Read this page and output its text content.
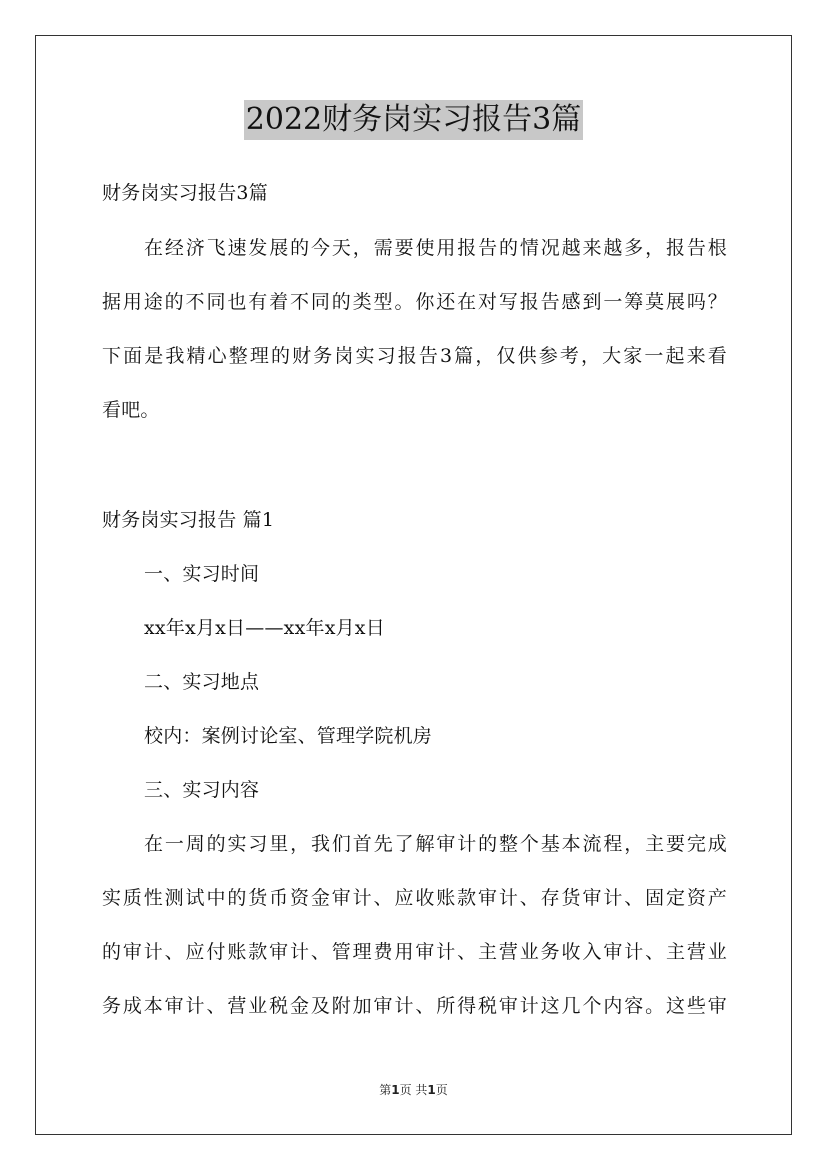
2022财务岗实习报告3篇
财务岗实习报告3篇
在经济飞速发展的今天，需要使用报告的情况越来越多，报告根
据用途的不同也有着不同的类型。你还在对写报告感到一筹莫展吗？
下面是我精心整理的财务岗实习报告3篇，仅供参考，大家一起来看
看吧。
财务岗实习报告 篇1
一、实习时间
xx年x月x日——xx年x月x日
二、实习地点
校内：案例讨论室、管理学院机房
三、实习内容
在一周的实习里，我们首先了解审计的整个基本流程，主要完成
实质性测试中的货币资金审计、应收账款审计、存货审计、固定资产
的审计、应付账款审计、管理费用审计、主营业务收入审计、主营业
务成本审计、营业税金及附加审计、所得税审计这几个内容。这些审
第1页 共1页
